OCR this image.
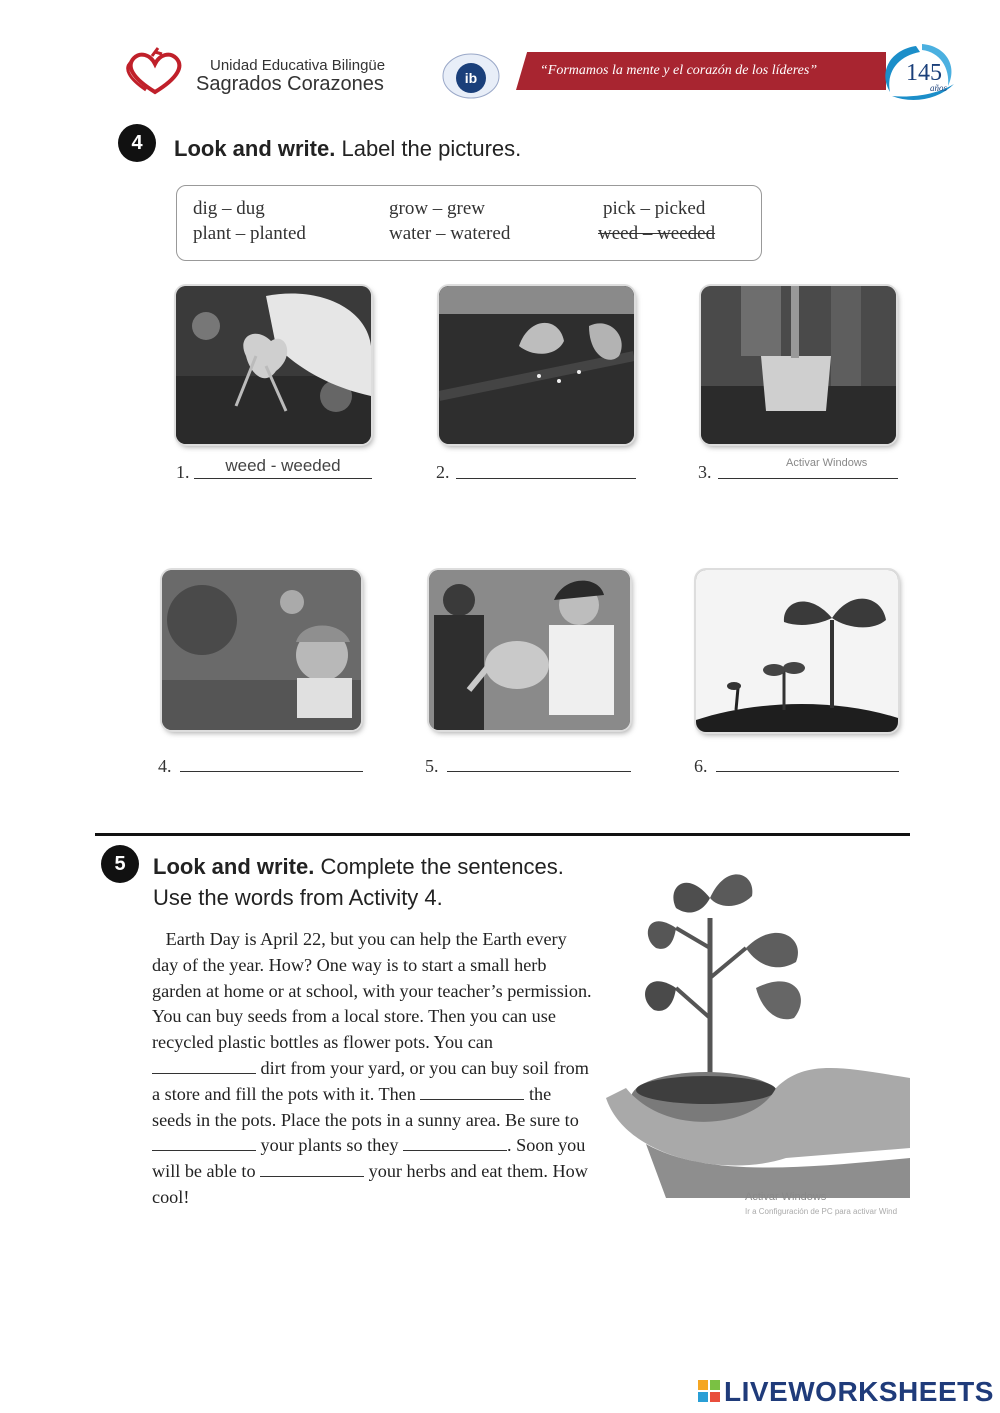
Unidad Educativa Bilingüe
Sagrados Corazones	ib	“Formamos la mente y el corazón de los líderes”	145
años
4	Look and write. Label the pictures.
dig – dug
plant – planted
grow – grew
water – watered
pick – picked
weed – weeded
1.	weed - weeded	2.	3.	Activar Windows
4.	5.	6.
5	Look and write. Complete the sentences.
Use the words from Activity 4.

Earth Day is April 22, but you can help the Earth every day of the year. How? One way is to start a small herb garden at home or at school, with your teacher’s permission. You can buy seeds from a local store. Then you can use recycled plastic bottles as flower pots. You can  dirt from your yard, or you can buy soil from a store and fill the pots with it. Then	the seeds in the pots. Place the pots in a sunny area. Be sure to  your plants so they	. Soon you will be able to	your herbs and eat them. How cool!	Activar Windows
Ir a Configuración de PC para activar Wind
LIVEWORKSHEETS
